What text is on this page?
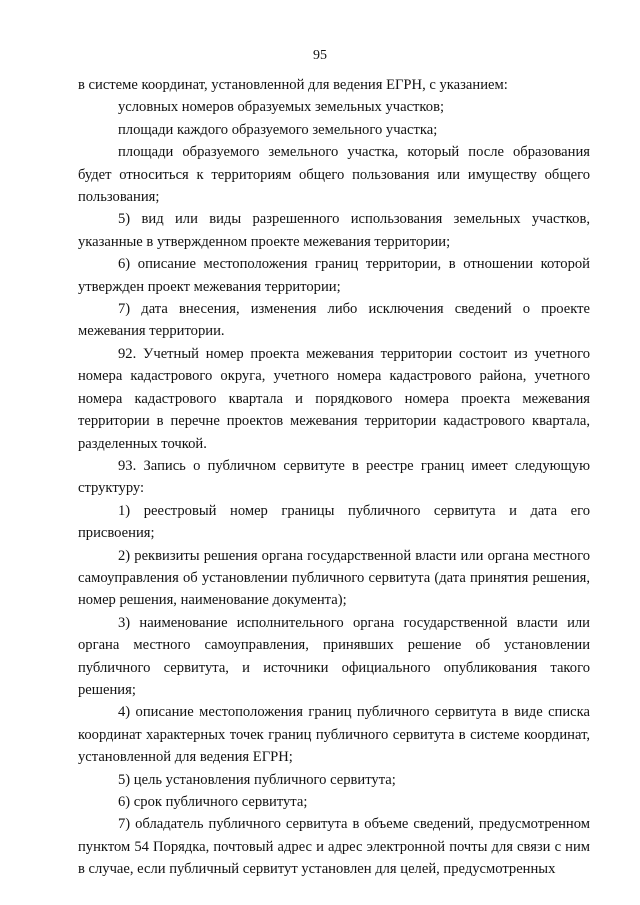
95

в системе координат, установленной для ведения ЕГРН, с указанием:

условных номеров образуемых земельных участков;

площади каждого образуемого земельного участка;

площади образуемого земельного участка, который после образования будет относиться к территориям общего пользования или имуществу общего пользования;

5) вид или виды разрешенного использования земельных участков, указанные в утвержденном проекте межевания территории;

6) описание местоположения границ территории, в отношении которой утвержден проект межевания территории;

7) дата внесения, изменения либо исключения сведений о проекте межевания территории.

92. Учетный номер проекта межевания территории состоит из учетного номера кадастрового округа, учетного номера кадастрового района, учетного номера кадастрового квартала и порядкового номера проекта межевания территории в перечне проектов межевания территории кадастрового квартала, разделенных точкой.

93. Запись о публичном сервитуте в реестре границ имеет следующую структуру:

1) реестровый номер границы публичного сервитута и дата его присвоения;

2) реквизиты решения органа государственной власти или органа местного самоуправления об установлении публичного сервитута (дата принятия решения, номер решения, наименование документа);

3) наименование исполнительного органа государственной власти или органа местного самоуправления, принявших решение об установлении публичного сервитута, и источники официального опубликования такого решения;

4) описание местоположения границ публичного сервитута в виде списка координат характерных точек границ публичного сервитута в системе координат, установленной для ведения ЕГРН;

5) цель установления публичного сервитута;

6) срок публичного сервитута;

7) обладатель публичного сервитута в объеме сведений, предусмотренном пунктом 54 Порядка, почтовый адрес и адрес электронной почты для связи с ним в случае, если публичный сервитут установлен для целей, предусмотренных
